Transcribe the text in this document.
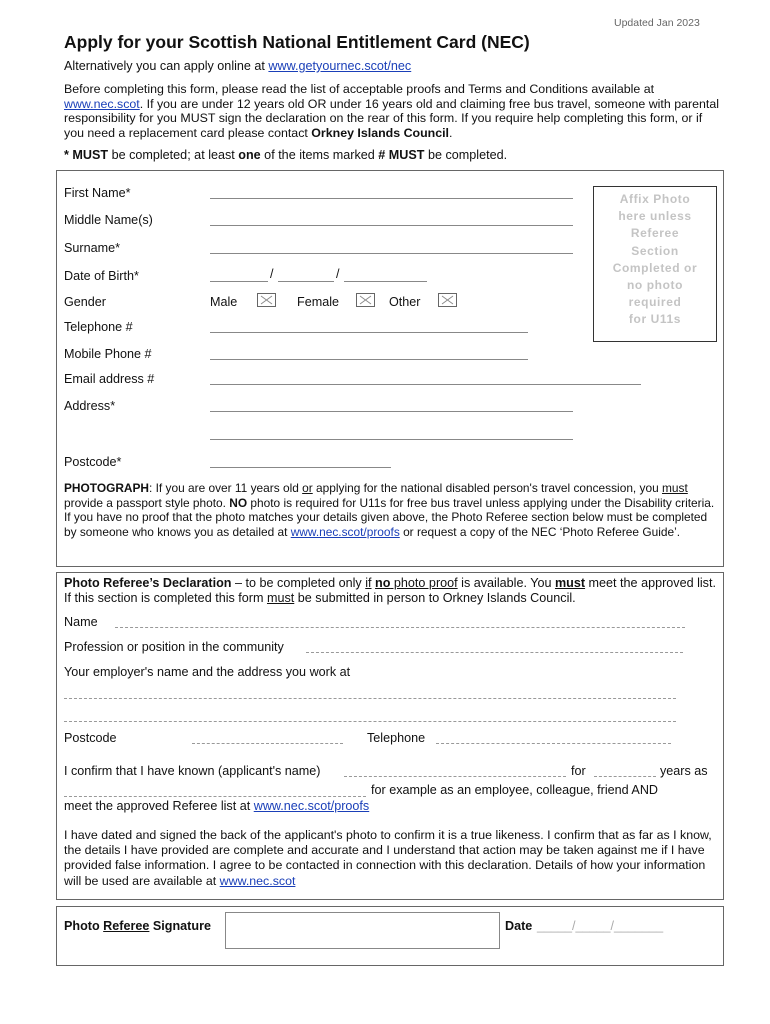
Updated Jan 2023
Apply for your Scottish National Entitlement Card (NEC)
Alternatively you can apply online at www.getyournec.scot/nec
Before completing this form, please read the list of acceptable proofs and Terms and Conditions available at www.nec.scot. If you are under 12 years old OR under 16 years old and claiming free bus travel, someone with parental responsibility for you MUST sign the declaration on the rear of this form. If you require help completing this form, or if you need a replacement card please contact Orkney Islands Council.
* MUST be completed; at least one of the items marked # MUST be completed.
First Name*
Middle Name(s)
Surname*
Date of Birth*	/	/
Gender	Male	Female	Other
Telephone #
Mobile Phone #
Email address #
Address*
Postcode*
Affix Photo
here unless
Referee
Section
Completed or
no photo
required
for U11s
PHOTOGRAPH: If you are over 11 years old or applying for the national disabled person's travel concession, you must provide a passport style photo. NO photo is required for U11s for free bus travel unless applying under the Disability criteria. If you have no proof that the photo matches your details given above, the Photo Referee section below must be completed by someone who knows you as detailed at www.nec.scot/proofs or request a copy of the NEC ‘Photo Referee Guide’.
Photo Referee’s Declaration – to be completed only if no photo proof is available. You must meet the approved list. If this section is completed this form must be submitted in person to Orkney Islands Council.
Name
Profession or position in the community
Your employer's name and the address you work at
Postcode	Telephone
I confirm that I have known (applicant's name)	for	years as
for example as an employee, colleague, friend AND
meet the approved Referee list at www.nec.scot/proofs
I have dated and signed the back of the applicant's photo to confirm it is a true likeness. I confirm that as far as I know, the details I have provided are complete and accurate and I understand that action may be taken against me if I have provided false information. I agree to be contacted in connection with this declaration. Details of how your information will be used are available at www.nec.scot
Photo Referee Signature	Date _____/_____/_______
